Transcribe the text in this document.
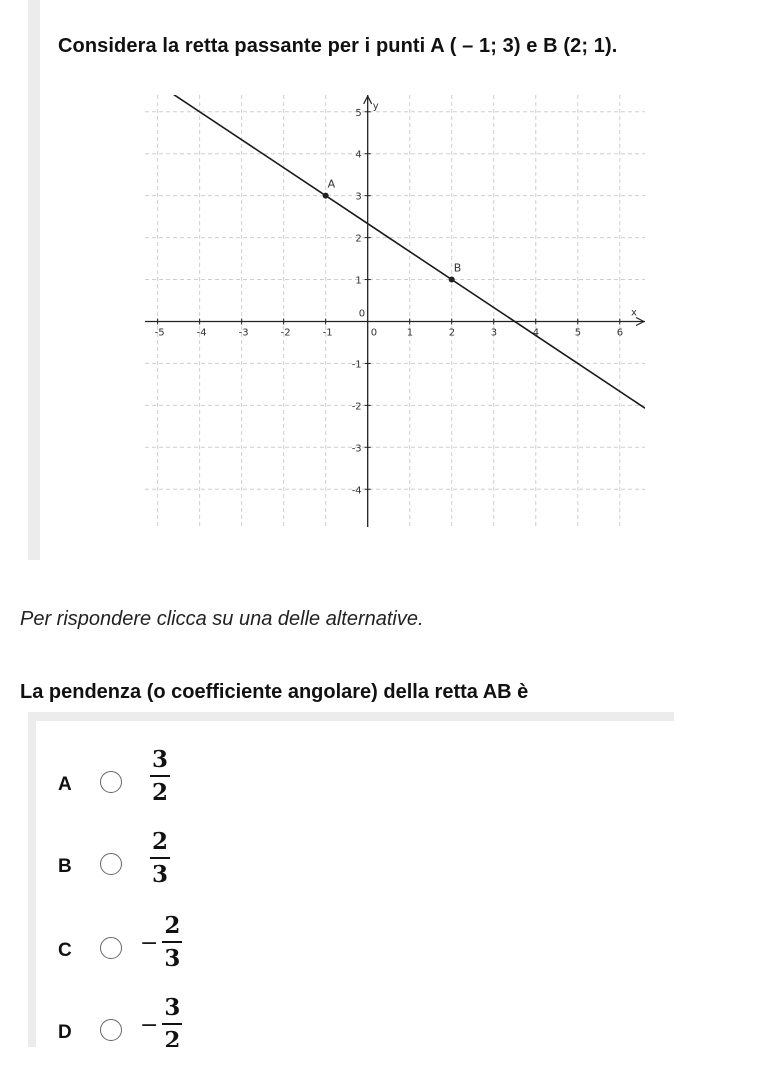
Considera la retta passante per i punti A ( – 1; 3) e B (2; 1).

x
y
-5	-4	-3	-2	-1	0	1	2	3	4	5	6
0
5
4
3
2
1
-1
-2
-3
-4
A
B

Per rispondere clicca su una delle alternative.

La pendenza (o coefficiente angolare) della retta AB è

A	$\frac{3}{2}$
B	$\frac{2}{3}$
C	− $\frac{2}{3}$
D	− $\frac{3}{2}$
